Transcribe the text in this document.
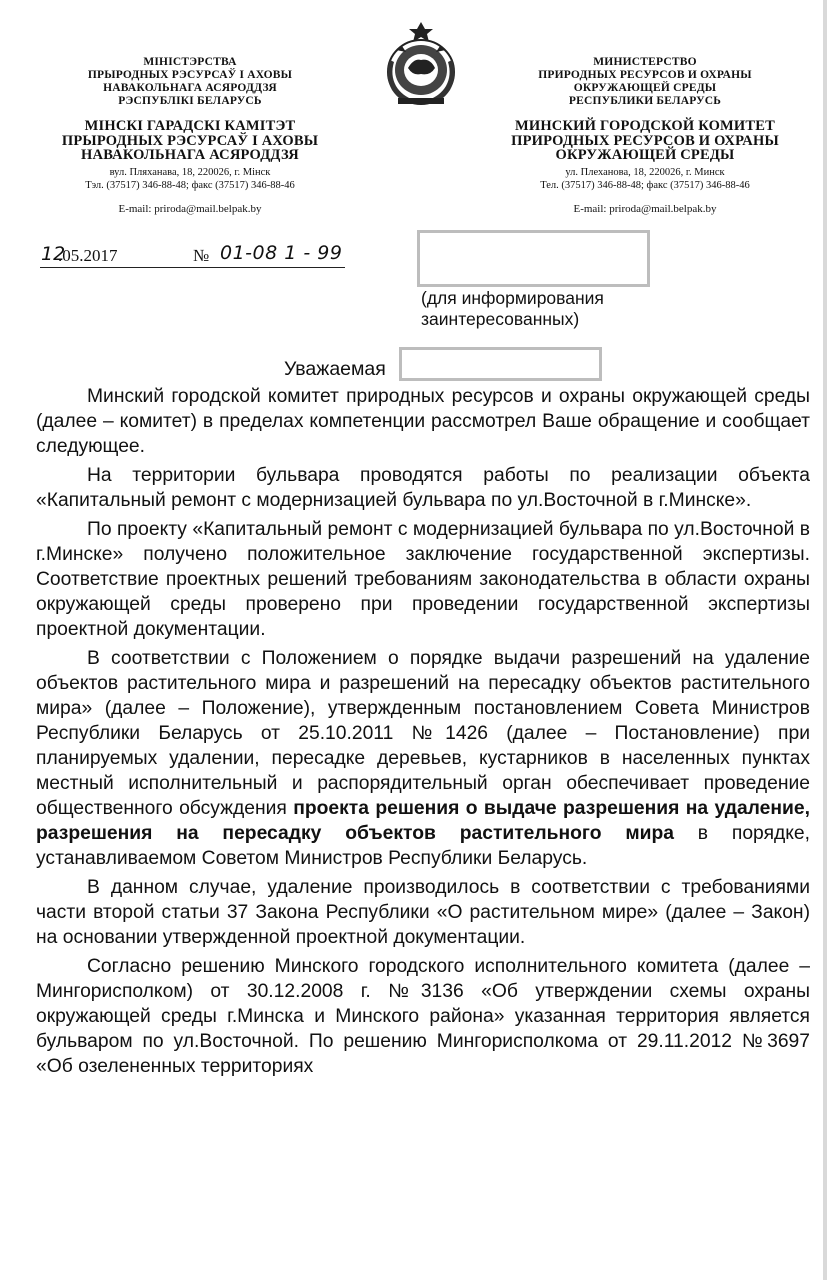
МІНІСТЭРСТВА
ПРЫРОДНЫХ РЭСУРСАЎ І АХОВЫ
НАВАКОЛЬНАГА АСЯРОДДЗЯ
РЭСПУБЛІКІ БЕЛАРУСЬ
МІНСКІ ГАРАДСКІ КАМІТЭТ
ПРЫРОДНЫХ РЭСУРСАЎ І АХОВЫ
НАВАКОЛЬНАГА АСЯРОДДЗЯ
вул. Пляханава, 18, 220026, г. Мінск
Тэл. (37517) 346-88-48; факс (37517) 346-88-46
E-mail: priroda@mail.belpak.by
МИНИСТЕРСТВО
ПРИРОДНЫХ РЕСУРСОВ И ОХРАНЫ
ОКРУЖАЮЩЕЙ СРЕДЫ
РЕСПУБЛИКИ БЕЛАРУСЬ
МИНСКИЙ ГОРОДСКОЙ КОМИТЕТ
ПРИРОДНЫХ РЕСУРСОВ И ОХРАНЫ
ОКРУЖАЮЩЕЙ СРЕДЫ
ул. Плеханова, 18, 220026, г. Минск
Тел. (37517) 346-88-48; факс (37517) 346-88-46
E-mail: priroda@mail.belpak.by
12
.05.2017	№ 01-08 1 - 99
(для информирования
заинтересованных)
Уважаемая

Минский городской комитет природных ресурсов и охраны окружающей среды (далее – комитет) в пределах компетенции рассмотрел Ваше обращение и сообщает следующее.

На территории бульвара проводятся работы по реализации объекта «Капитальный ремонт с модернизацией бульвара по ул.Восточной в г.Минске».

По проекту «Капитальный ремонт с модернизацией бульвара по ул.Восточной в г.Минске» получено положительное заключение государственной экспертизы. Соответствие проектных решений требованиям законодательства в области охраны окружающей среды проверено при проведении государственной экспертизы проектной документации.

В соответствии с Положением о порядке выдачи разрешений на удаление объектов растительного мира и разрешений на пересадку объектов растительного мира» (далее – Положение), утвержденным постановлением Совета Министров Республики Беларусь от 25.10.2011 №1426 (далее – Постановление) при планируемых удалении, пересадке деревьев, кустарников в населенных пунктах местный исполнительный и распорядительный орган обеспечивает проведение общественного обсуждения проекта решения о выдаче разрешения на удаление, разрешения на пересадку объектов растительного мира в порядке, устанавливаемом Советом Министров Республики Беларусь.

В данном случае, удаление производилось в соответствии с требованиями части второй статьи 37 Закона Республики «О растительном мире» (далее – Закон) на основании утвержденной проектной документации.

Согласно решению Минского городского исполнительного комитета (далее – Мингорисполком) от 30.12.2008 г. №3136 «Об утверждении схемы охраны окружающей среды г.Минска и Минского района» указанная территория является бульваром по ул.Восточной. По решению Мингорисполкома от 29.11.2012 №3697 «Об озелененных территориях
